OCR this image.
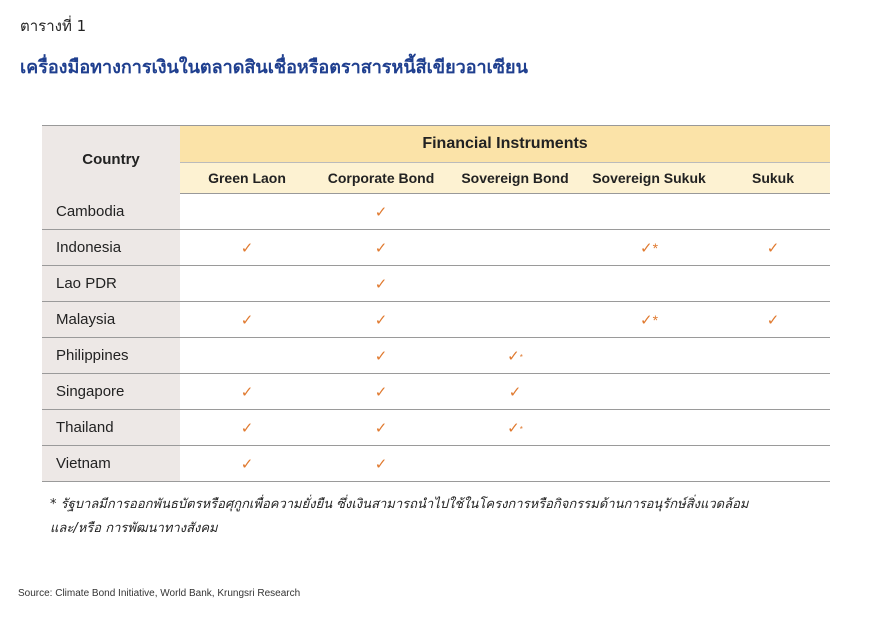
ตารางที่ 1
เครื่องมือทางการเงินในตลาดสินเชื่อหรือตราสารหนี้สีเขียวอาเซียน
Country	Financial Instruments				
	Green Laon	Corporate Bond	Sovereign Bond	Sovereign Sukuk	Sukuk
Cambodia		✓			
Indonesia	✓	✓		✓*	✓
Lao PDR		✓			
Malaysia	✓	✓		✓*	✓
Philippines		✓	✓*		
Singapore	✓	✓	✓		
Thailand	✓	✓	✓*		
Vietnam	✓	✓			
* รัฐบาลมีการออกพันธบัตรหรือศุกูกเพื่อความยั่งยืน ซึ่งเงินสามารถนำไปใช้ในโครงการหรือกิจกรรมด้านการอนุรักษ์สิ่งแวดล้อม
และ/หรือ การพัฒนาทางสังคม
Source: Climate Bond Initiative, World Bank, Krungsri Research
